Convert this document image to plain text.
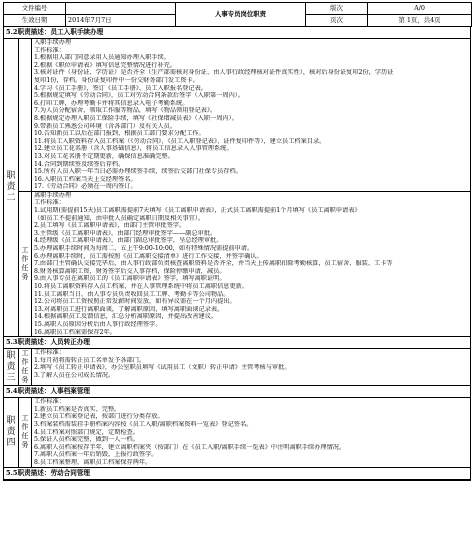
文件编号		人事专员岗位职责	版次	A/0
生效日期	2014年7月7日		页次	第 1页，共4页
5.2职责描述：员工入职手续办理
职
责
二
入职手续办理
工作标准：
1.根据用人部门同意录用人员通知办理入职手续。
2.根据《职位申请表》填写信息完整情况进行补充。
3.核对证件（身份证、学历证）是否齐全（生产部需核对身份证、由人事行政经理核对证件真实性），核对后身份证复印2份，学历证
复印1份，存档。身份证复印件中一份交财务部门发工资卡。
4.学习《员工手册》，签订《员工手册》、员工入职报名登记表。
5.根据规定填写《劳动合同》，员工对劳动合同条款后签字（入职第一周内）。
6.打印工牌，办理考勤卡并将其信息录入电子考勤系统。
7.为人员分配宿舍，领取工作服等物品，填写《物品领用登记表》。
8.根据规定办理入职员工保险手续，填写《社保增减员表》（入职一周内）。
9.带新员工熟悉公司环境（含各部门）及有关人员。
10.告知新员工以后在部门报到，根据员工部门要求分配工作。
11.将员工入职资料存入员工档案（《劳动合同》、《员工入职登记表》、证件复印件等），建立员工档案目录。
12.建立员工花名册（含人事基础信息），将员工信息录入人事管理系统。
13.对员工花名册不定期更新，确保信息准确完整。
14.合同到期续签及续签后存档。
15.所有人员入职一年当日必需办理续签手续，续签后交部门社保专员存档。
16.入职员工档案当天上交经理签名。
17.《劳动合同》必须在一周内签订。
工
作
任
务
离职手续办理
工作标准：
1.试用期(需提前15天)员工离职需提前7天填写《员工离职申请表》，正式员工离职需提前1个月填写《员工离职申请表》
（如员工不提前通知，由申批人员确定离职日期及相关事宜）。
2.员工填写《员工离职申请表》，由部门主管审批签字。
3.主管级《员工离职申请表》，由部门经理审批签字——副总审批。
4.经理级《员工离职申请表》，由部门副总审批签字，呈总经理审批。
5.办理离职手续时间为每周二、五上午9:00-10:00，如有特殊情况需提前申请。
6.办理离职手续时，员工需按照《员工离职交接清单》进行工作交接，并签字确认。
7.由部门主管确认交接完毕后，由人事行政部负责核查离职资料是否齐全，并当天上传离职扣除考勤核算，员工宿舍、服装、工卡等
8.财务核算离职工资，财务签字后交人事存档，保险停缴申请，减员。
9.由人事专员在离职员工的《员工离职申请表》签字，填写离职证明。
10.将员工离职资料存入员工档案，并在人事管理系统中将员工离职信息更新。
11.员工离职当日，由人事专员负责收回员工工牌、考勤卡等公司物品。
12.公司将员工工资按照正常发薪时间发放，如有异议需在一个月内提出。
13.对离职员工进行离职面谈，了解离职原因，填写离职面谈记录表。
14.根据离职员工反馈信息，汇总分析离职原因，并提出改善建议。
15.离职人员原因分析后由人事行政经理签字。
16.离职员工档案需保存2年。
5.3职责描述：人员转正办理
职
责
三
工
作
任
务
工作标准：
1.每月初将需转正员工名单发予各部门。
2.填写《员工转正申请表》，办公室职员填写《试用员工（文职）转正申请》主管考核与审批。
3.了解人员在公司成长情况。
5.4职责描述：人事档案管理
职
责
四
工
作
任
务
工作标准：
1.新员工档案是否真实、完整。
2.建立员工档案登记表，按部门进行分类存放。
3.档案装档需装挂手册档案内容按《员工入职/离职档案资料一览表》登记签名。
4.员工档案对照部门规定，定期检查。
5.保证人员档案完整，做到一人一档。
6.离职人员档案按存半年，建立离职档案夹（按部门）在《员工入职/离职手续一览表》中注明离职手续办理情况。
7.离职人员档案一年后销毁，上报行政签字。
8.员工档案整理，离职员工档案保存两年。
5.5职责描述：劳动合同管理
